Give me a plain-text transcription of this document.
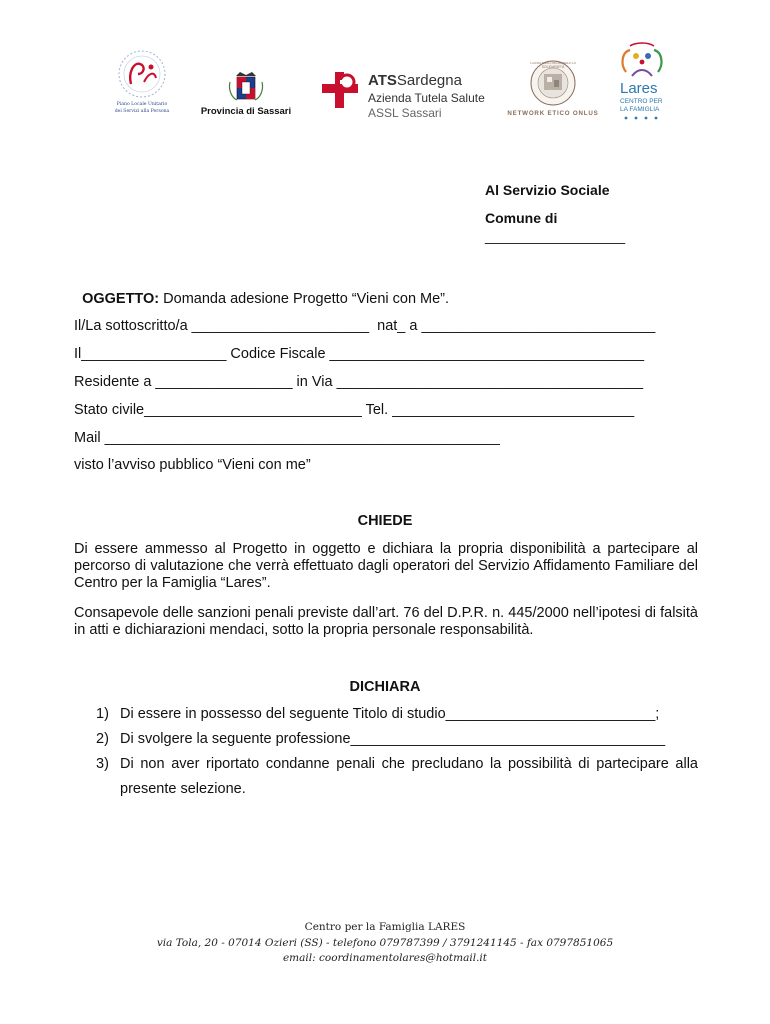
Piano Locale Unitario
dei Servizi alla Persona	Provincia di Sassari
ATSSardegna
Azienda Tutela Salute
ASSL Sassari
CONSORZIO REGIONALE DI SOLIDARIETÀ
NETWORK ETICO ONLUS
Lares
CENTRO PER
LA FAMIGLIA
Al Servizio Sociale
Comune di
__________________

OGGETTO: Domanda adesione Progetto “Vieni con Me”.

Il/La sottoscritto/a ______________________  nat_ a _____________________________
Il__________________ Codice Fiscale _______________________________________
Residente a _________________ in Via ______________________________________
Stato civile___________________________ Tel. ______________________________
Mail _________________________________________________
visto l’avviso pubblico “Vieni con me”
CHIEDE
Di essere ammesso al Progetto in oggetto e dichiara la propria disponibilità a partecipare al percorso di valutazione che verrà effettuato dagli operatori del Servizio Affidamento Familiare del Centro per la Famiglia “Lares”.
Consapevole delle sanzioni penali previste dall’art. 76 del D.P.R. n. 445/2000 nell’ipotesi di falsità in atti e dichiarazioni mendaci, sotto la propria personale responsabilità.
DICHIARA
1) Di essere in possesso del seguente Titolo di studio__________________________;
2) Di svolgere la seguente professione_______________________________________
3) Di non aver riportato condanne penali che precludano la possibilità di partecipare alla presente selezione.
Centro per la Famiglia LARES
via Tola, 20 - 07014 Ozieri (SS) - telefono 079787399 / 3791241145 - fax 0797851065
email: coordinamentolares@hotmail.it
